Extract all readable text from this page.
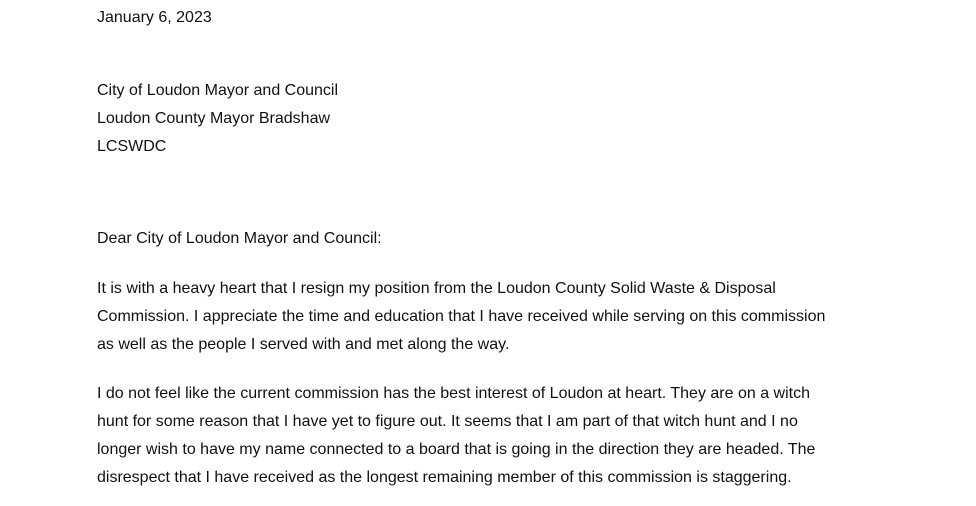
January 6, 2023
City of Loudon Mayor and Council
Loudon County Mayor Bradshaw
LCSWDC
Dear City of Loudon Mayor and Council:
It is with a heavy heart that I resign my position from the Loudon County Solid Waste & Disposal
Commission. I appreciate the time and education that I have received while serving on this commission
as well as the people I served with and met along the way.
I do not feel like the current commission has the best interest of Loudon at heart. They are on a witch
hunt for some reason that I have yet to figure out. It seems that I am part of that witch hunt and I no
longer wish to have my name connected to a board that is going in the direction they are headed. The
disrespect that I have received as the longest remaining member of this commission is staggering.
